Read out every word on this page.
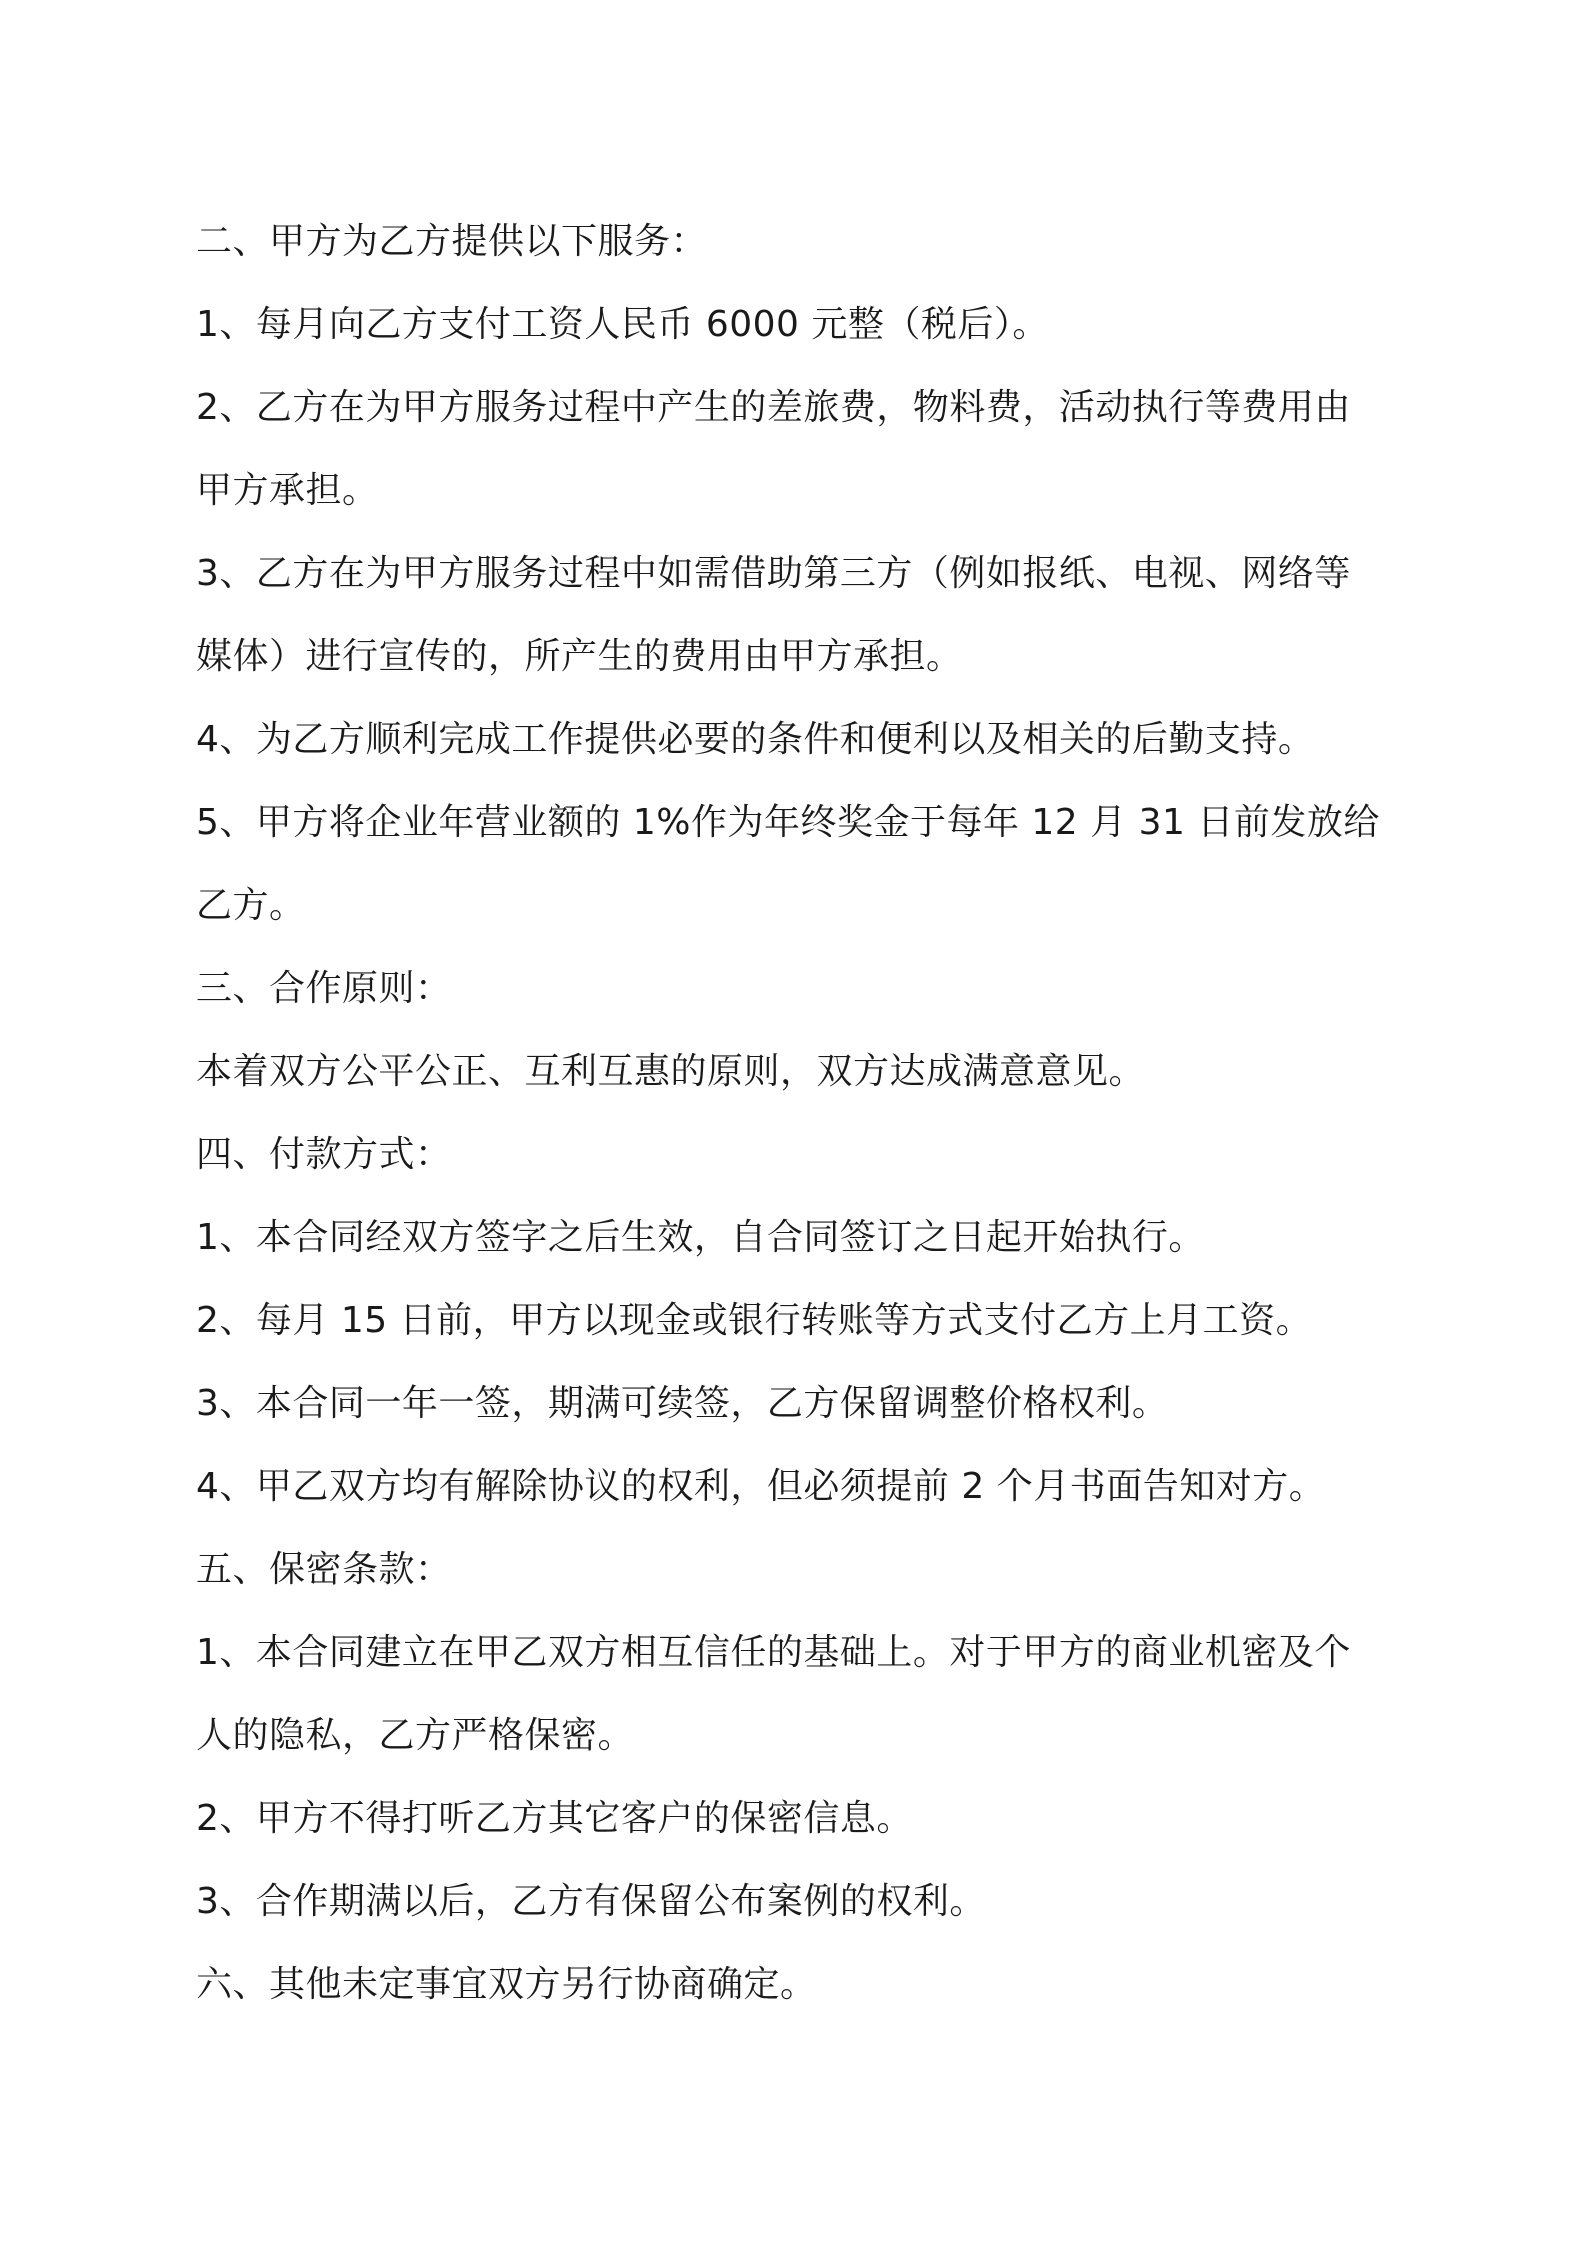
二、甲方为乙方提供以下服务：

1、每月向乙方支付工资人民币 6000 元整（税后）。

2、乙方在为甲方服务过程中产生的差旅费，物料费，活动执行等费用由
甲方承担。

3、乙方在为甲方服务过程中如需借助第三方（例如报纸、电视、网络等
媒体）进行宣传的，所产生的费用由甲方承担。

4、为乙方顺利完成工作提供必要的条件和便利以及相关的后勤支持。

5、甲方将企业年营业额的 1%作为年终奖金于每年 12 月 31 日前发放给
乙方。

三、合作原则：

本着双方公平公正、互利互惠的原则，双方达成满意意见。

四、付款方式：

1、本合同经双方签字之后生效，自合同签订之日起开始执行。

2、每月 15 日前，甲方以现金或银行转账等方式支付乙方上月工资。

3、本合同一年一签，期满可续签，乙方保留调整价格权利。

4、甲乙双方均有解除协议的权利，但必须提前 2 个月书面告知对方。

五、保密条款：

1、本合同建立在甲乙双方相互信任的基础上。对于甲方的商业机密及个
人的隐私，乙方严格保密。

2、甲方不得打听乙方其它客户的保密信息。

3、合作期满以后，乙方有保留公布案例的权利。

六、其他未定事宜双方另行协商确定。
